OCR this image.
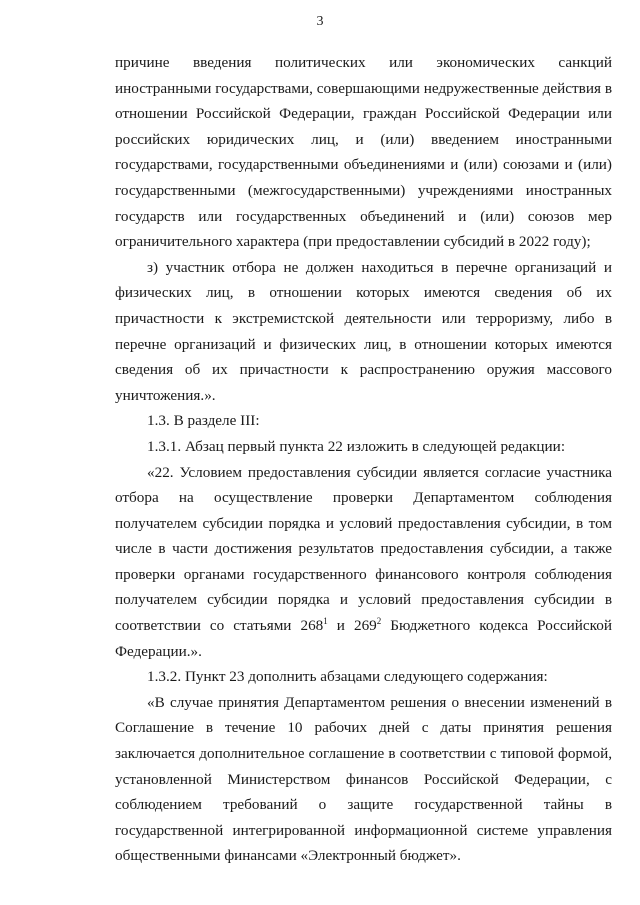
3

причине введения политических или экономических санкций иностранными государствами, совершающими недружественные действия в отношении Российской Федерации, граждан Российской Федерации или российских юридических лиц, и (или) введением иностранными государствами, государственными объединениями и (или) союзами и (или) государственными (межгосударственными) учреждениями иностранных государств или государственных объединений и (или) союзов мер ограничительного характера (при предоставлении субсидий в 2022 году);

з) участник отбора не должен находиться в перечне организаций и физических лиц, в отношении которых имеются сведения об их причастности к экстремистской деятельности или терроризму, либо в перечне организаций и физических лиц, в отношении которых имеются сведения об их причастности к распространению оружия массового уничтожения.».

1.3. В разделе III:

1.3.1. Абзац первый пункта 22 изложить в следующей редакции:

«22. Условием предоставления субсидии является согласие участника отбора на осуществление проверки Департаментом соблюдения получателем субсидии порядка и условий предоставления субсидии, в том числе в части достижения результатов предоставления субсидии, а также проверки органами государственного финансового контроля соблюдения получателем субсидии порядка и условий предоставления субсидии в соответствии со статьями $268^1$ и $269^2$ Бюджетного кодекса Российской Федерации.».

1.3.2. Пункт 23 дополнить абзацами следующего содержания:

«В случае принятия Департаментом решения о внесении изменений в Соглашение в течение 10 рабочих дней с даты принятия решения заключается дополнительное соглашение в соответствии с типовой формой, установленной Министерством финансов Российской Федерации, с соблюдением требований о защите государственной тайны в государственной интегрированной информационной системе управления общественными финансами «Электронный бюджет».
